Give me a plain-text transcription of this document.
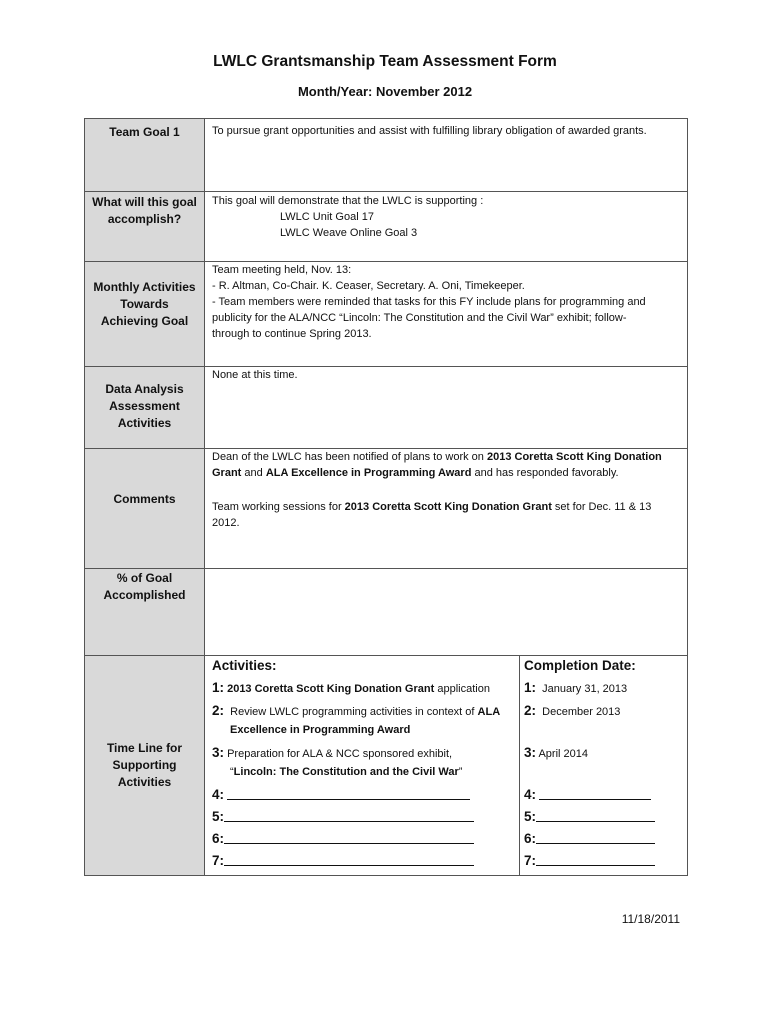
LWLC Grantsmanship Team Assessment Form
Month/Year: November 2012
Team Goal 1	To pursue grant opportunities and assist with fulfilling library obligation of awarded grants.
What will this goal
accomplish?
This goal will demonstrate that the LWLC is supporting :
LWLC Unit Goal 17
LWLC Weave Online Goal 3
Monthly Activities
Towards
Achieving Goal
Team meeting held, Nov. 13:
- R. Altman, Co-Chair. K. Ceaser, Secretary. A. Oni, Timekeeper.
- Team members were reminded that tasks for this FY include plans for programming and
publicity for the ALA/NCC “Lincoln: The Constitution and the Civil War” exhibit; follow-
through to continue Spring 2013.
Data Analysis
Assessment
Activities
None at this time.
Comments
Dean of the LWLC has been notified of plans to work on 2013 Coretta Scott King Donation
Grant and ALA Excellence in Programming Award and has responded favorably.
Team working sessions for 2013 Coretta Scott King Donation Grant set for Dec. 11 & 13
2012.
% of Goal
Accomplished
Time Line for
Supporting
Activities
Activities:	Completion Date:
1: 2013 Coretta Scott King Donation Grant application
2: Review LWLC programming activities in context of ALA
Excellence in Programming Award
3: Preparation for ALA & NCC sponsored exhibit,
“Lincoln: The Constitution and the Civil War”
4:
5:
6:
7:
1: January 31, 2013
2: December 2013
3: April 2014
4:
5:
6:
7:
11/18/2011
